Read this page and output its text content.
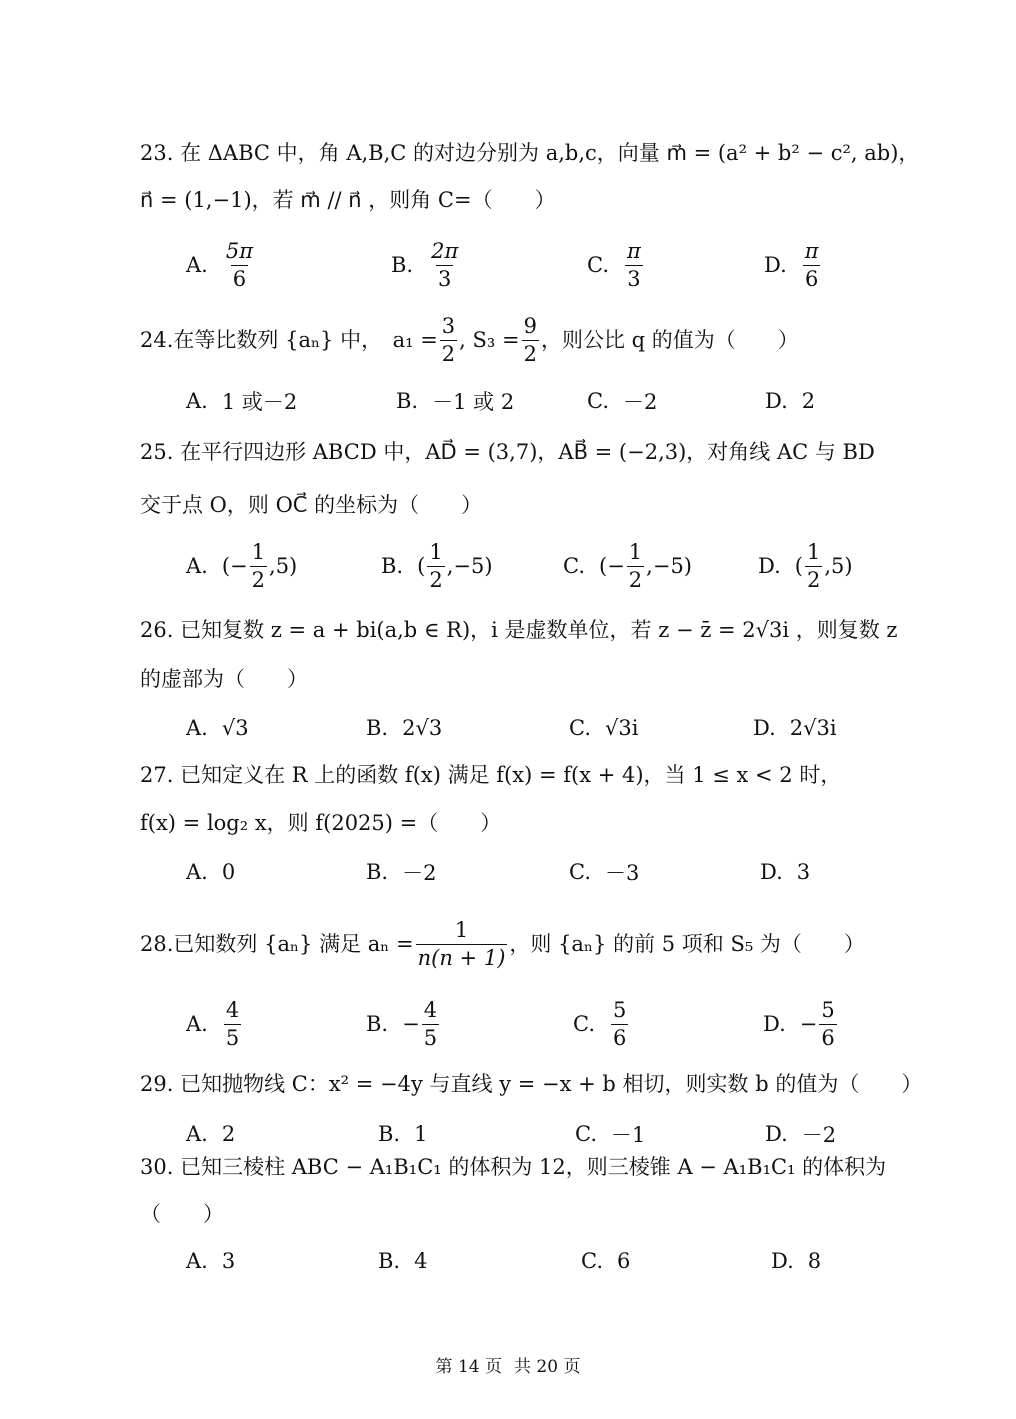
23. 在 ΔABC 中，角 A,B,C 的对边分别为 a,b,c，向量 m⃗ = (a² + b² − c², ab)，
n⃗ = (1,−1)，若 m⃗ // n⃗ ，则角 C=（　　）
A. $\frac{5\pi}{6}$	B. $\frac{2\pi}{3}$	C. $\frac{\pi}{3}$	D. $\frac{\pi}{6}$
24. 在等比数列 {aₙ} 中，　$a_1 = \frac{3}{2}$ , $S_3 = \frac{9}{2}$ ，则公比 q 的值为（　　）
A. 1 或－2	B. －1 或 2	C. －2	D. 2
25. 在平行四边形 ABCD 中，AD⃗ = (3,7)，AB⃗ = (−2,3)，对角线 AC 与 BD
交于点 O，则 OC⃗ 的坐标为（　　）
A. (− $\frac{1}{2} ,5$)	B. ( $\frac{1}{2} ,-5$)	C. (− $\frac{1}{2} ,-5$)	D. ( $\frac{1}{2} ,5$)
26. 已知复数 z = a + bi(a,b ∈ R)，i 是虚数单位，若 z − z̄ = 2√3i ，则复数 z
的虚部为（　　）
A. √3	B. 2√3	C. √3i	D. 2√3i
27. 已知定义在 R 上的函数 f(x) 满足 f(x) = f(x + 4)，当 1 ≤ x < 2 时，
f(x) = log₂ x，则 f(2025) =（　　）
A. 0	B. －2	C. －3	D. 3
28. 已知数列 {aₙ} 满足 $a_n = \frac{1}{n(n + 1)}$ ，则 {aₙ} 的前 5 项和 S₅ 为（　　）
A. $\frac{4}{5}$	B. − $\frac{4}{5}$	C. $\frac{5}{6}$	D. − $\frac{5}{6}$
29. 已知抛物线 C：x² = −4y 与直线 y = −x + b 相切，则实数 b 的值为（　　）
A. 2	B. 1	C. －1	D. －2
30. 已知三棱柱 ABC − A₁B₁C₁ 的体积为 12，则三棱锥 A − A₁B₁C₁ 的体积为
（　　）
A. 3	B. 4	C. 6	D. 8
第 14 页 共 20 页
